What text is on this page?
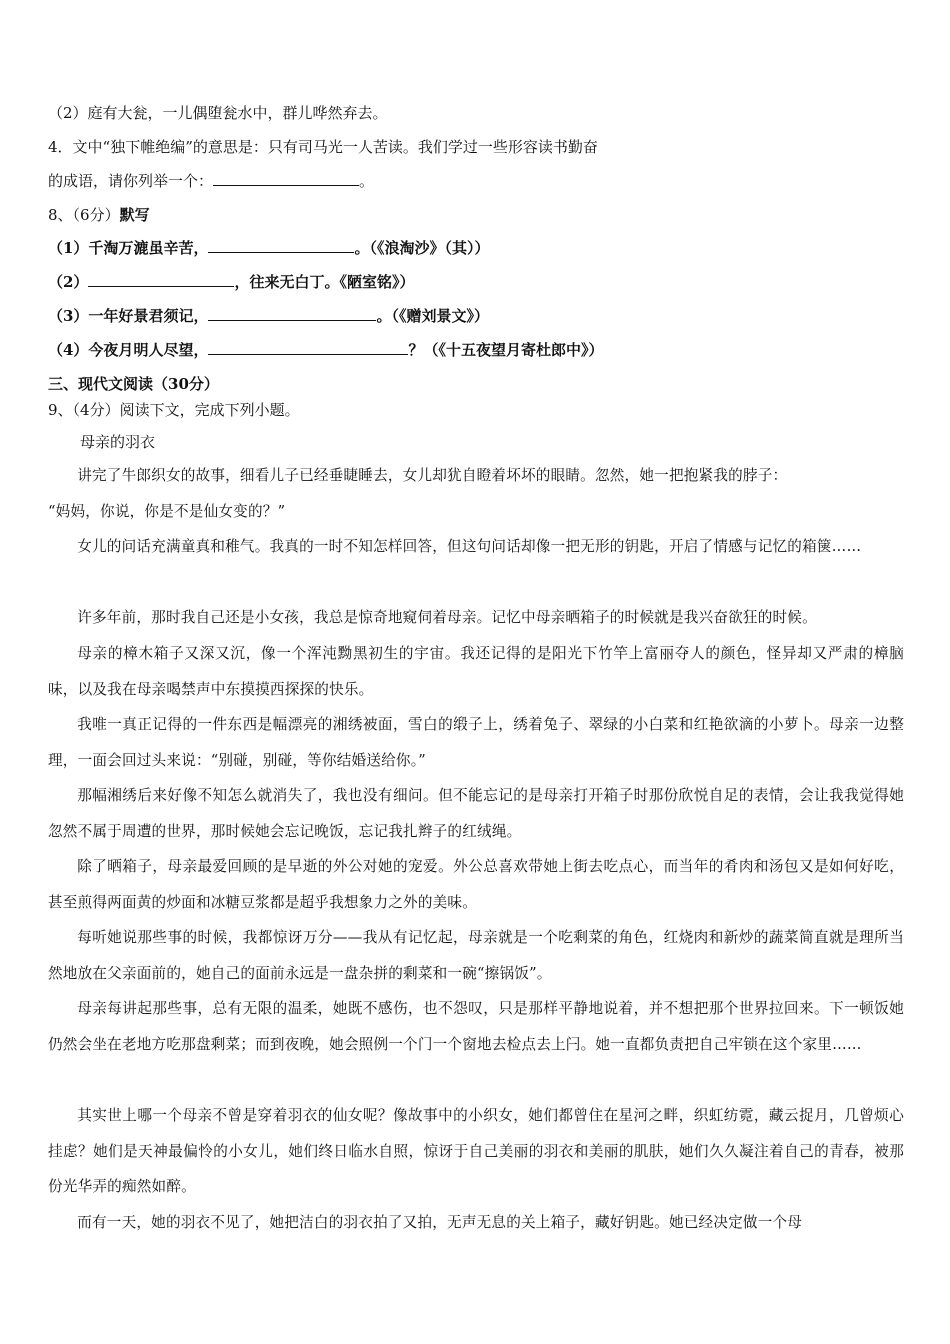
（2）庭有大瓮，一儿偶堕瓮水中，群儿哗然弃去。
4．文中“独下帷绝编”的意思是：只有司马光一人苦读。我们学过一些形容读书勤奋
的成语，请你列举一个：	。
8、（6分）默写
（1）千淘万漉虽辛苦，	。（《浪淘沙》（其））
（2）	，往来无白丁。《陋室铭》）
（3）一年好景君须记，	。（《赠刘景文》）
（4）今夜月明人尽望，	？（《十五夜望月寄杜郎中》）
三、现代文阅读（30分）
9、（4分）阅读下文，完成下列小题。
母亲的羽衣
讲完了牛郎织女的故事，细看儿子已经垂睫睡去，女儿却犹自瞪着坏坏的眼睛。忽然，她一把抱紧我的脖子：
“妈妈，你说，你是不是仙女变的？”
女儿的问话充满童真和稚气。我真的一时不知怎样回答，但这句问话却像一把无形的钥匙，开启了情感与记忆的箱箧……
许多年前，那时我自己还是小女孩，我总是惊奇地窥伺着母亲。记忆中母亲晒箱子的时候就是我兴奋欲狂的时候。
母亲的樟木箱子又深又沉，像一个浑沌黝黑初生的宇宙。我还记得的是阳光下竹竿上富丽夺人的颜色，怪异却又严肃的樟脑味，以及我在母亲喝禁声中东摸摸西探探的快乐。
我唯一真正记得的一件东西是幅漂亮的湘绣被面，雪白的缎子上，绣着兔子、翠绿的小白菜和红艳欲滴的小萝卜。母亲一边整理，一面会回过头来说：“别碰，别碰，等你结婚送给你。”
那幅湘绣后来好像不知怎么就消失了，我也没有细问。但不能忘记的是母亲打开箱子时那份欣悦自足的表情，会让我我觉得她忽然不属于周遭的世界，那时候她会忘记晚饭，忘记我扎辫子的红绒绳。
除了晒箱子，母亲最爱回顾的是早逝的外公对她的宠爱。外公总喜欢带她上街去吃点心，而当年的肴肉和汤包又是如何好吃，甚至煎得两面黄的炒面和冰糖豆浆都是超乎我想象力之外的美味。
每听她说那些事的时候，我都惊讶万分——我从有记忆起，母亲就是一个吃剩菜的角色，红烧肉和新炒的蔬菜简直就是理所当然地放在父亲面前的，她自己的面前永远是一盘杂拼的剩菜和一碗“擦锅饭”。
母亲每讲起那些事，总有无限的温柔，她既不感伤，也不怨叹，只是那样平静地说着，并不想把那个世界拉回来。下一顿饭她仍然会坐在老地方吃那盘剩菜；而到夜晚，她会照例一个门一个窗地去检点去上闩。她一直都负责把自己牢锁在这个家里……
其实世上哪一个母亲不曾是穿着羽衣的仙女呢？像故事中的小织女，她们都曾住在星河之畔，织虹纺霓，藏云捉月，几曾烦心挂虑？她们是天神最偏怜的小女儿，她们终日临水自照，惊讶于自己美丽的羽衣和美丽的肌肤，她们久久凝注着自己的青春，被那份光华弄的痴然如醉。
而有一天，她的羽衣不见了，她把洁白的羽衣拍了又拍，无声无息的关上箱子，藏好钥匙。她已经决定做一个母
